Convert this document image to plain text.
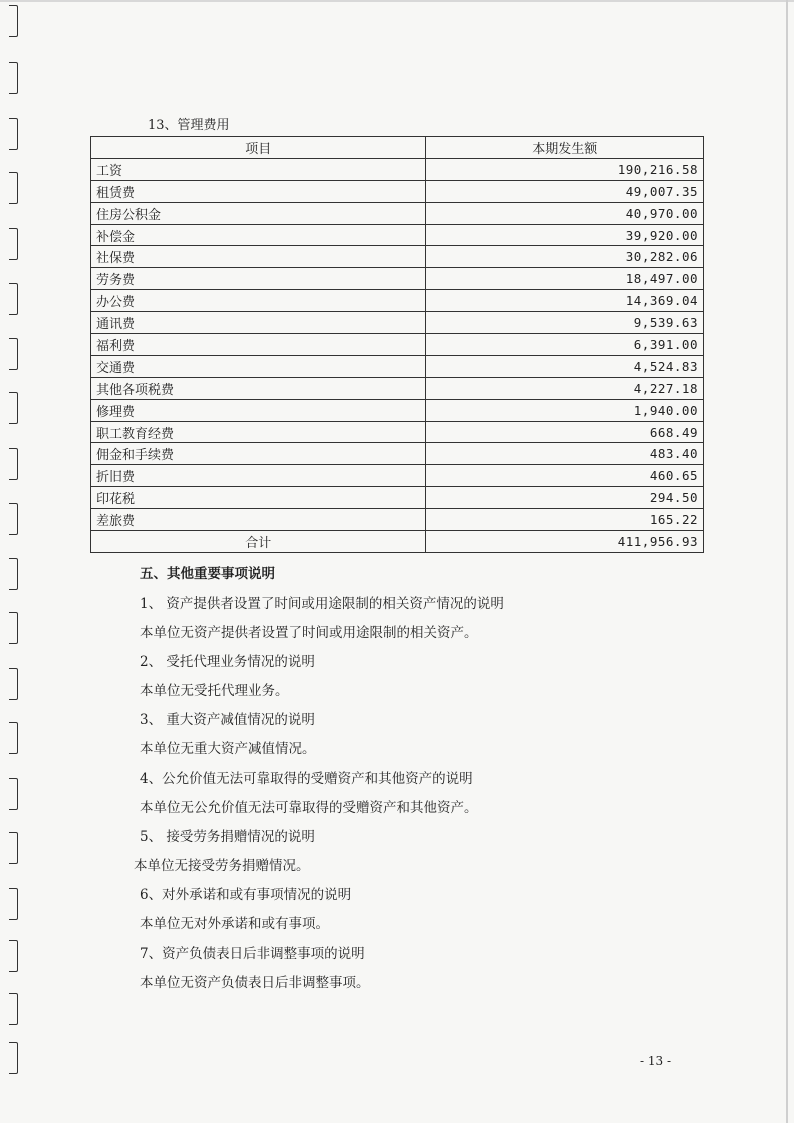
13、管理费用
项目	本期发生额
工资	190,216.58
租赁费	49,007.35
住房公积金	40,970.00
补偿金	39,920.00
社保费	30,282.06
劳务费	18,497.00
办公费	14,369.04
通讯费	9,539.63
福利费	6,391.00
交通费	4,524.83
其他各项税费	4,227.18
修理费	1,940.00
职工教育经费	668.49
佣金和手续费	483.40
折旧费	460.65
印花税	294.50
差旅费	165.22
合计	411,956.93
五、其他重要事项说明
1、 资产提供者设置了时间或用途限制的相关资产情况的说明
本单位无资产提供者设置了时间或用途限制的相关资产。
2、 受托代理业务情况的说明
本单位无受托代理业务。
3、 重大资产减值情况的说明
本单位无重大资产减值情况。
4、公允价值无法可靠取得的受赠资产和其他资产的说明
本单位无公允价值无法可靠取得的受赠资产和其他资产。
5、 接受劳务捐赠情况的说明
本单位无接受劳务捐赠情况。
6、对外承诺和或有事项情况的说明
本单位无对外承诺和或有事项。
7、资产负债表日后非调整事项的说明
本单位无资产负债表日后非调整事项。
- 13 -
